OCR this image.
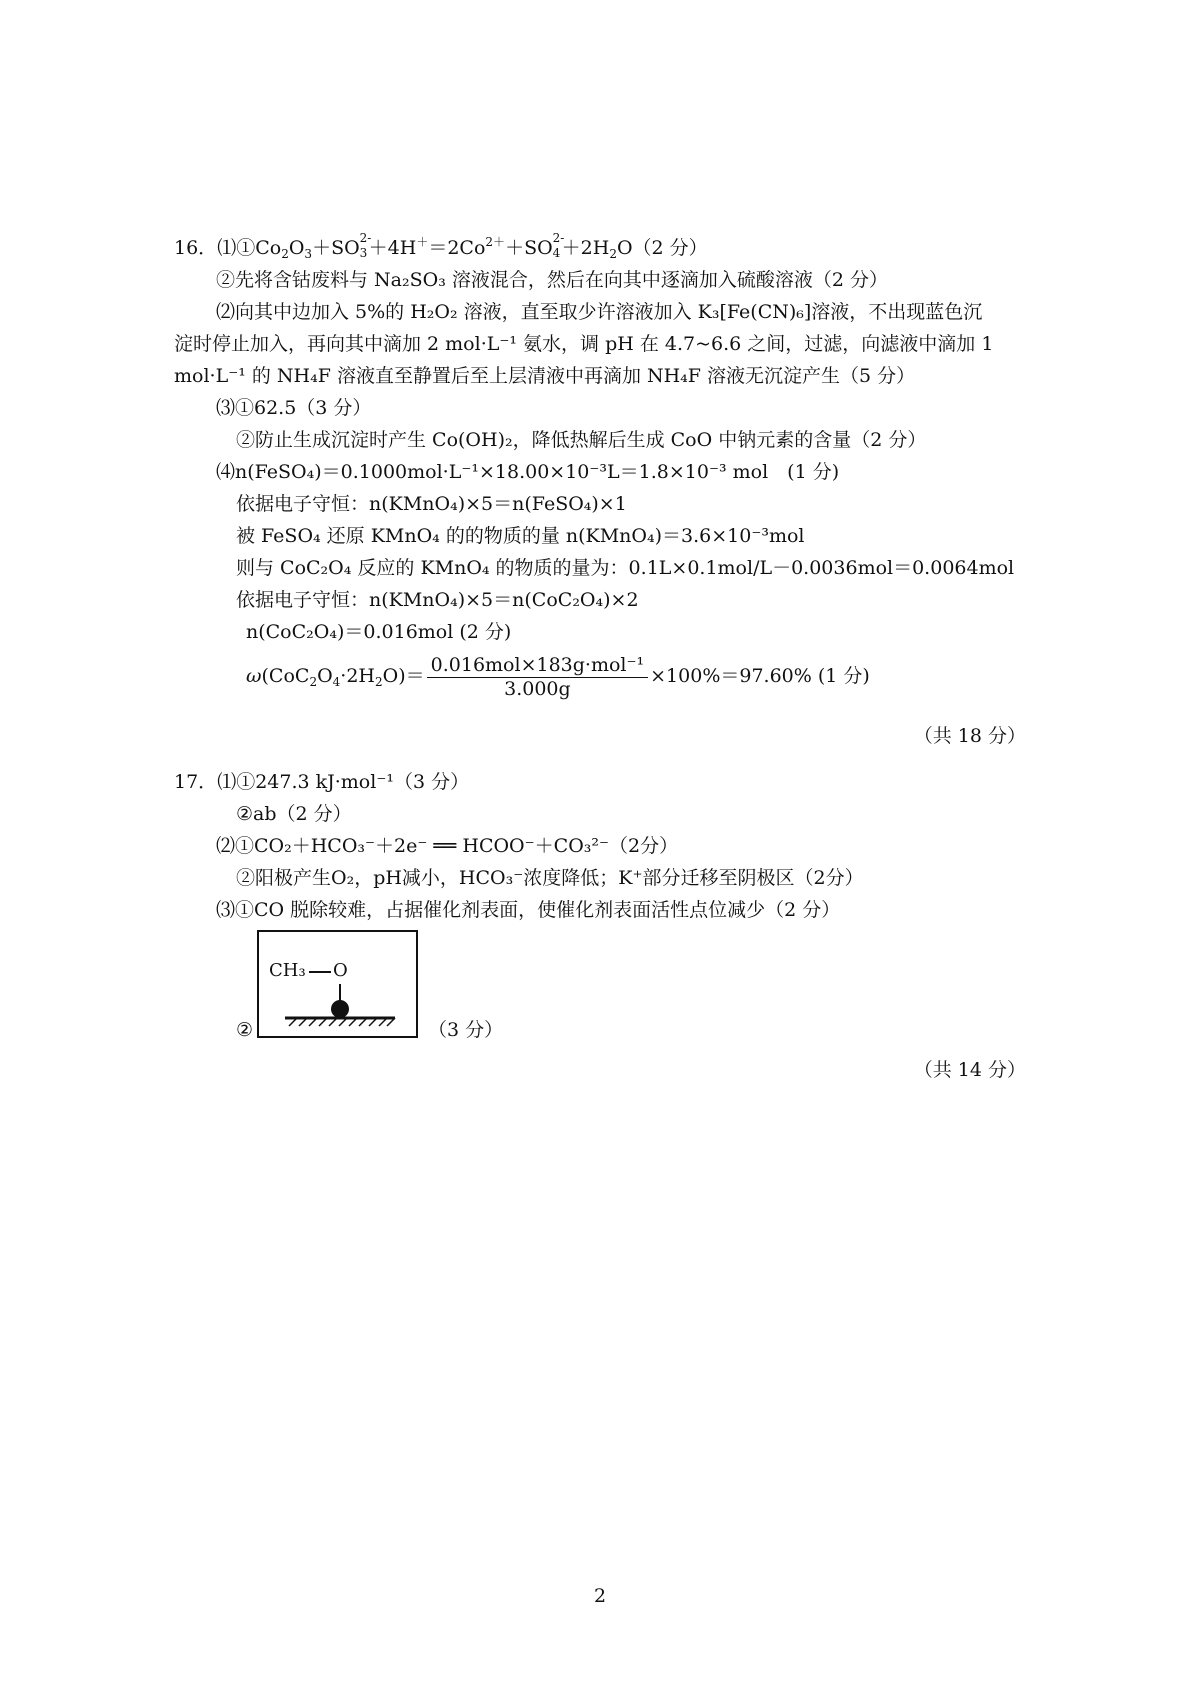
16．$⑴①Co_2O_3+SO$ 2-
$3 +4H^+=2Co^{2+}+SO$ 2-
$4 +2H_2O(2$ 分）
②先将含钴废料与 Na₂SO₃ 溶液混合，然后在向其中逐滴加入硫酸溶液（2 分）
⑵向其中边加入 5%的 H₂O₂ 溶液，直至取少许溶液加入 K₃[Fe(CN)₆]溶液，不出现蓝色沉
淀时停止加入，再向其中滴加 2 mol·L⁻¹ 氨水，调 pH 在 4.7~6.6 之间，过滤，向滤液中滴加 1
mol·L⁻¹ 的 NH₄F 溶液直至静置后至上层清液中再滴加 NH₄F 溶液无沉淀产生（5 分）
⑶①62.5（3 分）
②防止生成沉淀时产生 Co(OH)₂，降低热解后生成 CoO 中钠元素的含量（2 分）
⑷n(FeSO₄)＝0.1000mol·L⁻¹×18.00×10⁻³L＝1.8×10⁻³ mol　(1 分)
依据电子守恒：n(KMnO₄)×5＝n(FeSO₄)×1
被 FeSO₄ 还原 KMnO₄ 的的物质的量 n(KMnO₄)＝3.6×10⁻³mol
则与 CoC₂O₄ 反应的 KMnO₄ 的物质的量为：0.1L×0.1mol/L－0.0036mol＝0.0064mol
依据电子守恒：n(KMnO₄)×5＝n(CoC₂O₄)×2
n(CoC₂O₄)＝0.016mol (2 分)
$\omega(CoC_2O_4\cdot 2H_2O)= \frac{\text{0.016mol×183g·mol⁻¹}}{3.000g} \times 100\%=97.60\%$ (1 分)
（共 18 分）
17．⑴①247.3 kJ·mol⁻¹（3 分）
②ab（2 分）
⑵①CO₂＋HCO₃⁻＋2e⁻ ══ HCOO⁻＋CO₃²⁻（2分）
②阳极产生O₂，pH减小，HCO₃⁻浓度降低；K⁺部分迁移至阴极区（2分）
⑶①CO 脱除较难，占据催化剂表面，使催化剂表面活性点位减少（2 分）
②
CH₃ O
（3 分）
（共 14 分）
2
